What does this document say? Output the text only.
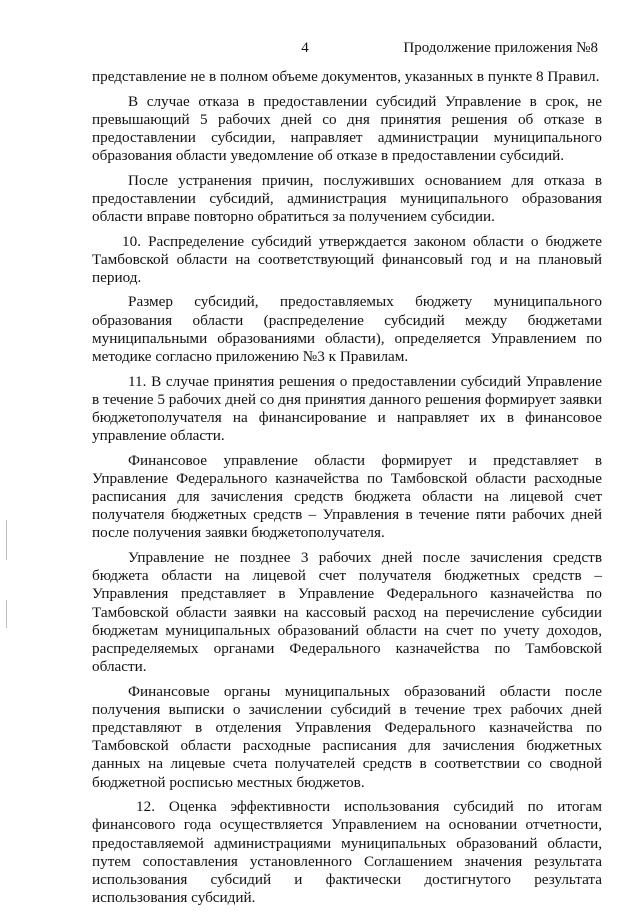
4	Продолжение приложения №8

представление не в полном объеме документов, указанных в пункте 8 Правил.

В случае отказа в предоставлении субсидий Управление в срок, не превышающий 5 рабочих дней со дня принятия решения об отказе в предоставлении субсидии, направляет администрации муниципального образования области уведомление об отказе в предоставлении субсидий.

После устранения причин, послуживших основанием для отказа в предоставлении субсидий, администрация муниципального образования области вправе повторно обратиться за получением субсидии.

10. Распределение субсидий утверждается законом области о бюджете Тамбовской области на соответствующий финансовый год и на плановый период.

Размер субсидий, предоставляемых бюджету муниципального образования области (распределение субсидий между бюджетами муниципальными образованиями области), определяется Управлением по методике согласно приложению №3 к Правилам.

11. В случае принятия решения о предоставлении субсидий Управление в течение 5 рабочих дней со дня принятия данного решения формирует заявки бюджетополучателя на финансирование и направляет их в финансовое управление области.

Финансовое управление области формирует и представляет в Управление Федерального казначейства по Тамбовской области расходные расписания для зачисления средств бюджета области на лицевой счет получателя бюджетных средств – Управления в течение пяти рабочих дней после получения заявки бюджетополучателя.

Управление не позднее 3 рабочих дней после зачисления средств бюджета области на лицевой счет получателя бюджетных средств – Управления представляет в Управление Федерального казначейства по Тамбовской области заявки на кассовый расход на перечисление субсидии бюджетам муниципальных образований области на счет по учету доходов, распределяемых органами Федерального казначейства по Тамбовской области.

Финансовые органы муниципальных образований области после получения выписки о зачислении субсидий в течение трех рабочих дней представляют в отделения Управления Федерального казначейства по Тамбовской области расходные расписания для зачисления бюджетных данных на лицевые счета получателей средств в соответствии со сводной бюджетной росписью местных бюджетов.

12. Оценка эффективности использования субсидий по итогам финансового года осуществляется Управлением на основании отчетности, предоставляемой администрациями муниципальных образований области, путем сопоставления установленного Соглашением значения результата использования субсидий и фактически достигнутого результата использования субсидий.
